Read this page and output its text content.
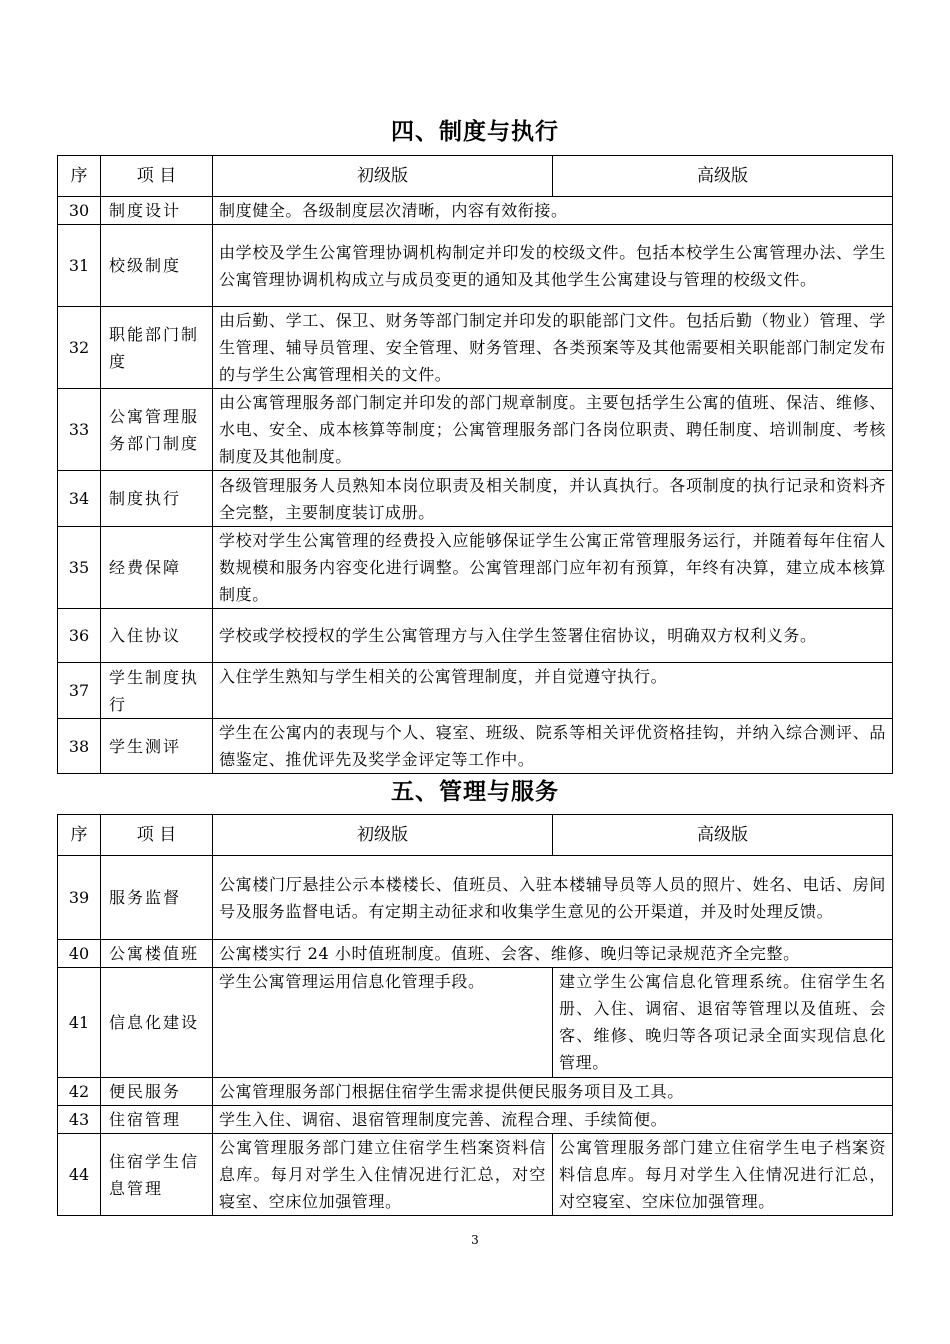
四、制度与执行
序	项 目	初级版	高级版
30	制度设计	制度健全。各级制度层次清晰，内容有效衔接。	
31	校级制度	由学校及学生公寓管理协调机构制定并印发的校级文件。包括本校学生公寓管理办法、学生公寓管理协调机构成立与成员变更的通知及其他学生公寓建设与管理的校级文件。	
32	职能部门制度	由后勤、学工、保卫、财务等部门制定并印发的职能部门文件。包括后勤（物业）管理、学生管理、辅导员管理、安全管理、财务管理、各类预案等及其他需要相关职能部门制定发布的与学生公寓管理相关的文件。	
33	公寓管理服务部门制度	由公寓管理服务部门制定并印发的部门规章制度。主要包括学生公寓的值班、保洁、维修、水电、安全、成本核算等制度；公寓管理服务部门各岗位职责、聘任制度、培训制度、考核制度及其他制度。	
34	制度执行	各级管理服务人员熟知本岗位职责及相关制度，并认真执行。各项制度的执行记录和资料齐全完整，主要制度装订成册。	
35	经费保障	学校对学生公寓管理的经费投入应能够保证学生公寓正常管理服务运行，并随着每年住宿人数规模和服务内容变化进行调整。公寓管理部门应年初有预算，年终有决算，建立成本核算制度。	
36	入住协议	学校或学校授权的学生公寓管理方与入住学生签署住宿协议，明确双方权利义务。	
37	学生制度执行	入住学生熟知与学生相关的公寓管理制度，并自觉遵守执行。	
38	学生测评	学生在公寓内的表现与个人、寝室、班级、院系等相关评优资格挂钩，并纳入综合测评、品德鉴定、推优评先及奖学金评定等工作中。	
五、管理与服务
序	项 目	初级版	高级版
39	服务监督	公寓楼门厅悬挂公示本楼楼长、值班员、入驻本楼辅导员等人员的照片、姓名、电话、房间号及服务监督电话。有定期主动征求和收集学生意见的公开渠道，并及时处理反馈。	
40	公寓楼值班	公寓楼实行 24 小时值班制度。值班、会客、维修、晚归等记录规范齐全完整。	
41	信息化建设	学生公寓管理运用信息化管理手段。	建立学生公寓信息化管理系统。住宿学生名册、入住、调宿、退宿等管理以及值班、会客、维修、晚归等各项记录全面实现信息化管理。
42	便民服务	公寓管理服务部门根据住宿学生需求提供便民服务项目及工具。	
43	住宿管理	学生入住、调宿、退宿管理制度完善、流程合理、手续简便。	
44	住宿学生信息管理	公寓管理服务部门建立住宿学生档案资料信息库。每月对学生入住情况进行汇总，对空寝室、空床位加强管理。	公寓管理服务部门建立住宿学生电子档案资料信息库。每月对学生入住情况进行汇总，对空寝室、空床位加强管理。
3
